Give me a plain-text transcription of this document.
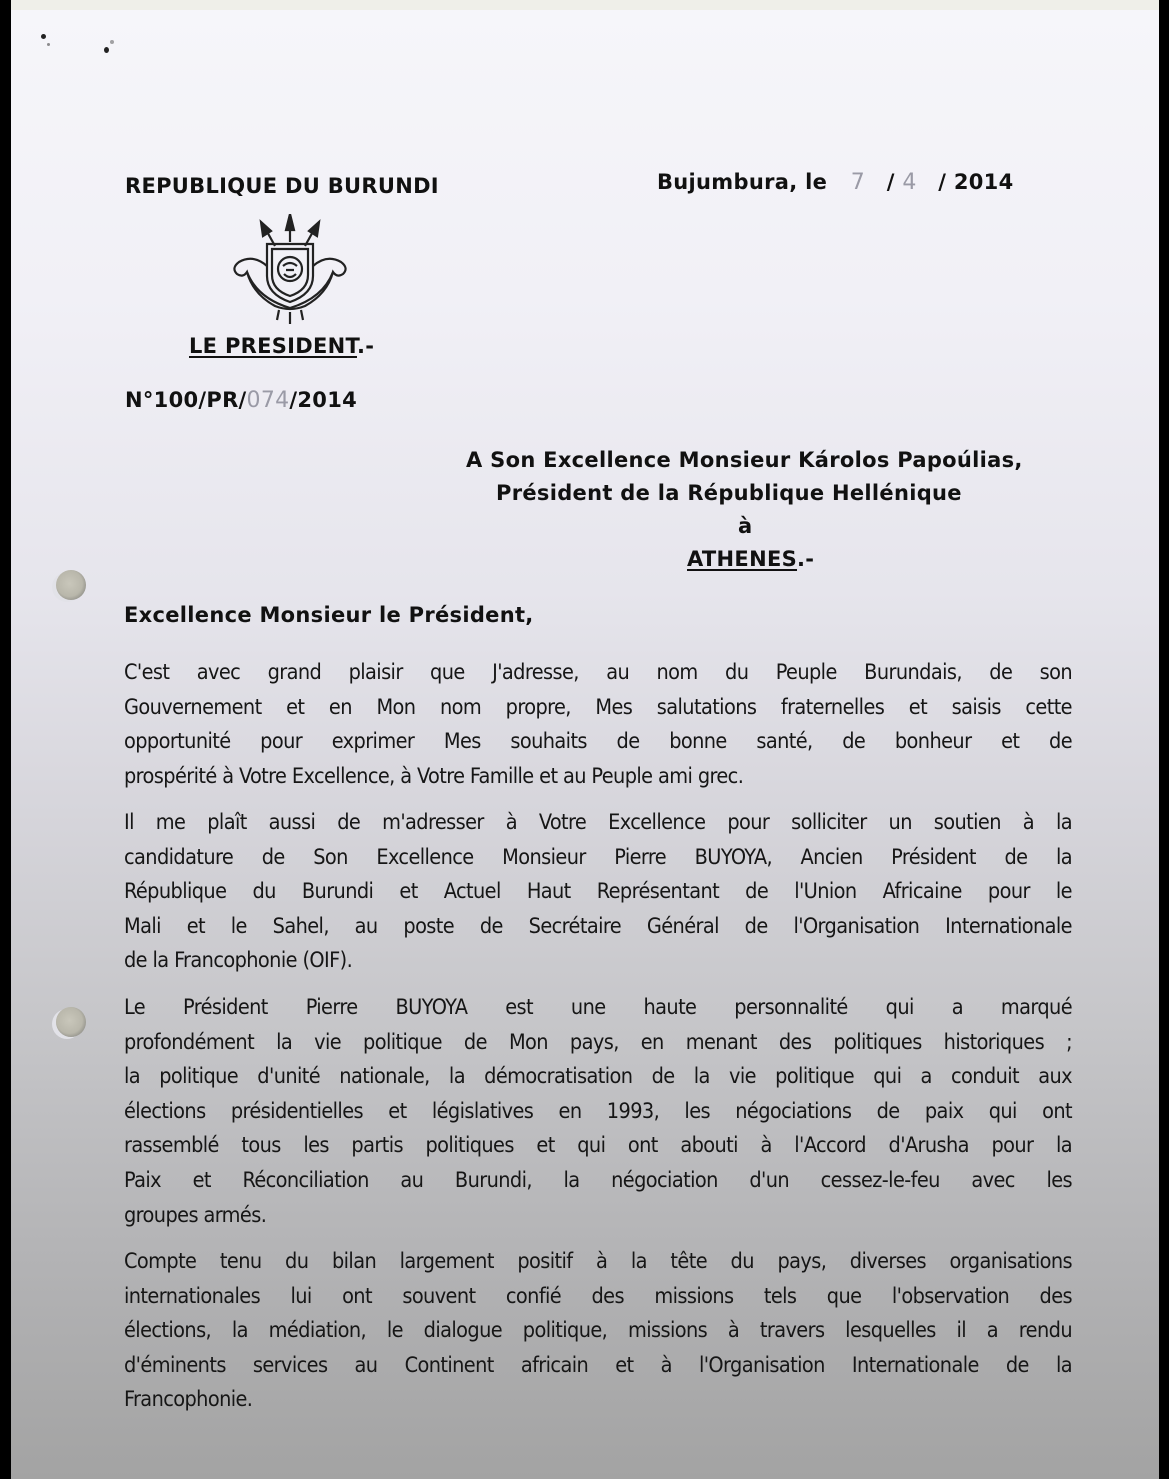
REPUBLIQUE DU BURUNDI
LE PRESIDENT.-
N°100/PR/074/2014
Bujumbura, le 7 / 4 / 2014
A Son Excellence Monsieur Károlos Papoúlias,
Président de la République Hellénique
à
ATHENES.-
Excellence Monsieur le Président,
C'est avec grand plaisir que J'adresse, au nom du Peuple Burundais, de son
Gouvernement et en Mon nom propre, Mes salutations fraternelles et saisis cette
opportunité pour exprimer Mes souhaits de bonne santé, de bonheur et de
prospérité à Votre Excellence, à Votre Famille et au Peuple ami grec.
Il me plaît aussi de m'adresser à Votre Excellence pour solliciter un soutien à la
candidature de Son Excellence Monsieur Pierre BUYOYA, Ancien Président de la
République du Burundi et Actuel Haut Représentant de l'Union Africaine pour le
Mali et le Sahel, au poste de Secrétaire Général de l'Organisation Internationale
de la Francophonie (OIF).
Le Président Pierre BUYOYA est une haute personnalité qui a marqué
profondément la vie politique de Mon pays, en menant des politiques historiques ;
la politique d'unité nationale, la démocratisation de la vie politique qui a conduit aux
élections présidentielles et législatives en 1993, les négociations de paix qui ont
rassemblé tous les partis politiques et qui ont abouti à l'Accord d'Arusha pour la
Paix et Réconciliation au Burundi, la négociation d'un cessez-le-feu avec les
groupes armés.
Compte tenu du bilan largement positif à la tête du pays, diverses organisations
internationales lui ont souvent confié des missions tels que l'observation des
élections, la médiation, le dialogue politique, missions à travers lesquelles il a rendu
d'éminents services au Continent africain et à l'Organisation Internationale de la
Francophonie.
